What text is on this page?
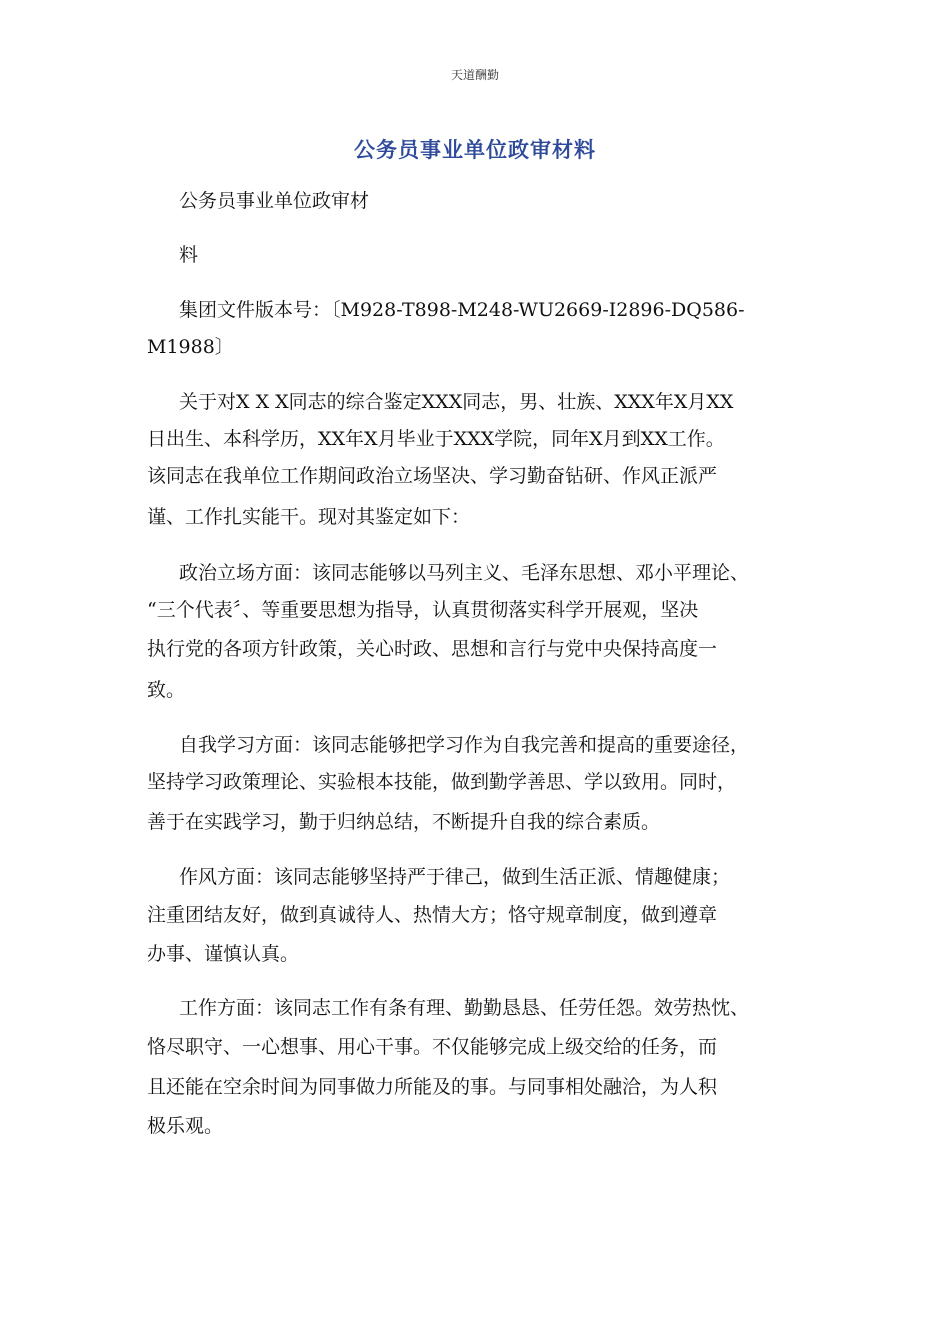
天道酬勤
公务员事业单位政审材料
公务员事业单位政审材
料
集团文件版本号：〔M928-T898-M248-WU2669-I2896-DQ586-
M1988〕
关于对X X X同志的综合鉴定XXX同志，男、壮族、XXX年X月XX
日出生、本科学历，XX年X月毕业于XXX学院，同年X月到XX工作。
该同志在我单位工作期间政治立场坚决、学习勤奋钻研、作风正派严
谨、工作扎实能干。现对其鉴定如下：
政治立场方面：该同志能够以马列主义、毛泽东思想、邓小平理论、
“三个代表〞、等重要思想为指导，认真贯彻落实科学开展观，坚决
执行党的各项方针政策，关心时政、思想和言行与党中央保持高度一
致。
自我学习方面：该同志能够把学习作为自我完善和提高的重要途径，
坚持学习政策理论、实验根本技能，做到勤学善思、学以致用。同时，
善于在实践学习，勤于归纳总结，不断提升自我的综合素质。
作风方面：该同志能够坚持严于律己，做到生活正派、情趣健康；
注重团结友好，做到真诚待人、热情大方；恪守规章制度，做到遵章
办事、谨慎认真。
工作方面：该同志工作有条有理、勤勤恳恳、任劳任怨。效劳热忱、
恪尽职守、一心想事、用心干事。不仅能够完成上级交给的任务，而
且还能在空余时间为同事做力所能及的事。与同事相处融洽，为人积
极乐观。
